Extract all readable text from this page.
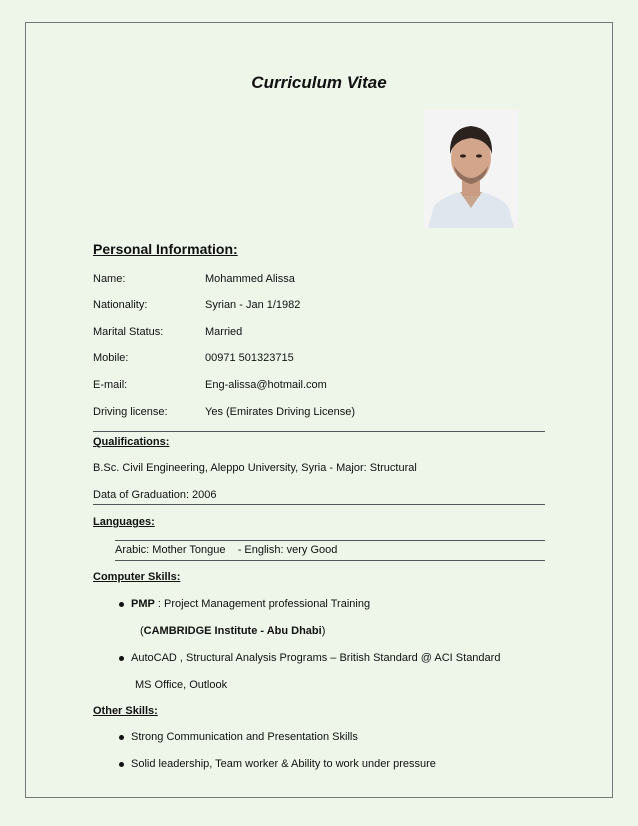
Curriculum Vitae
Personal Information:
Name:	Mohammed Alissa
Nationality:	Syrian - Jan 1/1982
Marital Status:	Married
Mobile:	00971 501323715
E-mail:	Eng-alissa@hotmail.com
Driving license:	Yes (Emirates Driving License)
Qualifications:
B.Sc. Civil Engineering, Aleppo University, Syria - Major: Structural
Data of Graduation: 2006
Languages:
Arabic: Mother Tongue    - English: very Good
Computer Skills:
PMP : Project Management professional Training
(CAMBRIDGE Institute - Abu Dhabi)
AutoCAD , Structural Analysis Programs – British Standard @ ACI Standard
MS Office, Outlook
Other Skills:
Strong Communication and Presentation Skills
Solid leadership, Team worker & Ability to work under pressure
